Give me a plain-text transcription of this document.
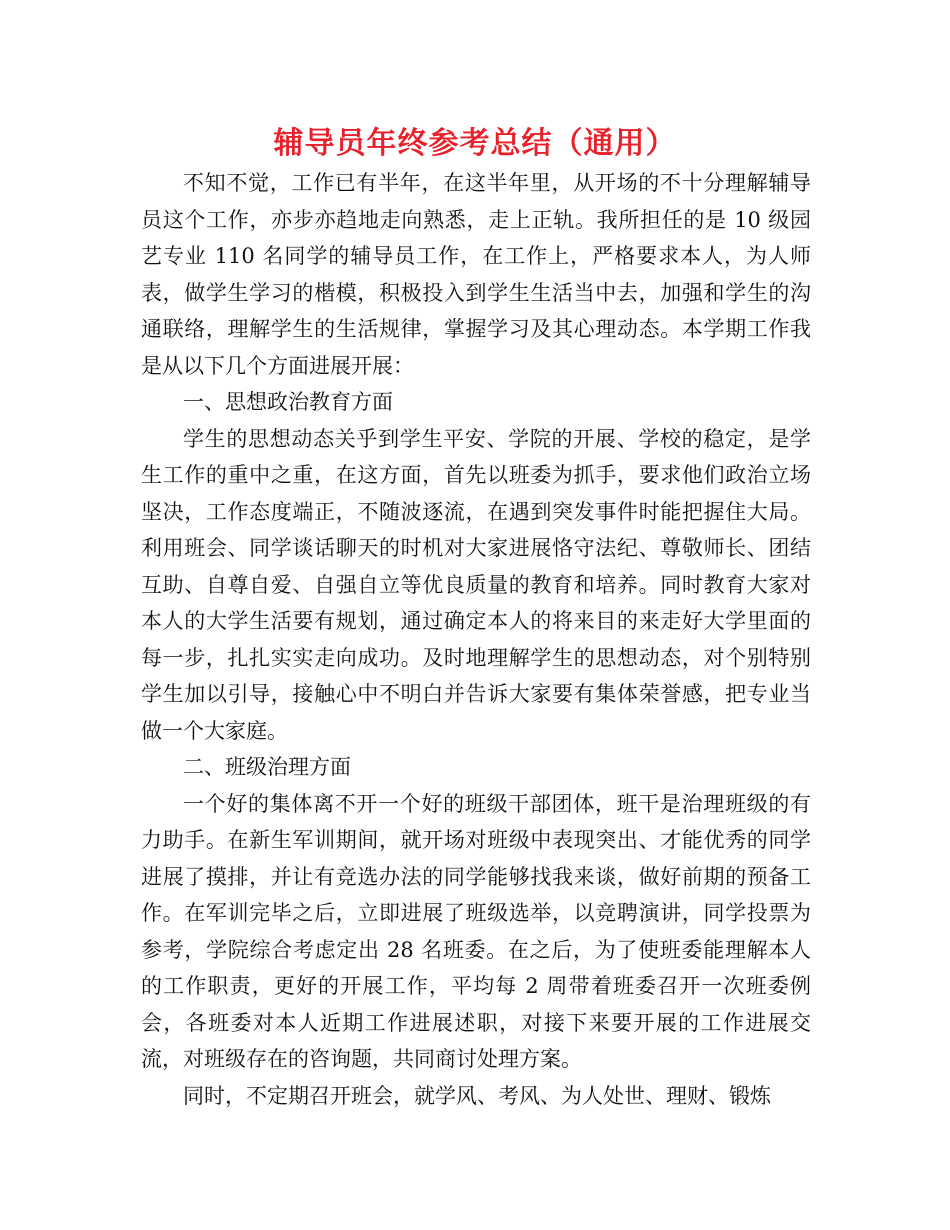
辅导员年终参考总结（通用）

不知不觉，工作已有半年，在这半年里，从开场的不十分理解辅导员这个工作，亦步亦趋地走向熟悉，走上正轨。我所担任的是 10 级园艺专业 110 名同学的辅导员工作，在工作上，严格要求本人，为人师表，做学生学习的楷模，积极投入到学生生活当中去，加强和学生的沟通联络，理解学生的生活规律，掌握学习及其心理动态。本学期工作我是从以下几个方面进展开展：

一、思想政治教育方面

学生的思想动态关乎到学生平安、学院的开展、学校的稳定，是学生工作的重中之重，在这方面，首先以班委为抓手，要求他们政治立场坚决，工作态度端正，不随波逐流，在遇到突发事件时能把握住大局。利用班会、同学谈话聊天的时机对大家进展恪守法纪、尊敬师长、团结互助、自尊自爱、自强自立等优良质量的教育和培养。同时教育大家对本人的大学生活要有规划，通过确定本人的将来目的来走好大学里面的每一步，扎扎实实走向成功。及时地理解学生的思想动态，对个别特别学生加以引导，接触心中不明白并告诉大家要有集体荣誉感，把专业当做一个大家庭。

二、班级治理方面

一个好的集体离不开一个好的班级干部团体，班干是治理班级的有力助手。在新生军训期间，就开场对班级中表现突出、才能优秀的同学进展了摸排，并让有竞选办法的同学能够找我来谈，做好前期的预备工作。在军训完毕之后，立即进展了班级选举，以竞聘演讲，同学投票为参考，学院综合考虑定出 28 名班委。在之后，为了使班委能理解本人的工作职责，更好的开展工作，平均每 2 周带着班委召开一次班委例会，各班委对本人近期工作进展述职，对接下来要开展的工作进展交流，对班级存在的咨询题，共同商讨处理方案。

同时，不定期召开班会，就学风、考风、为人处世、理财、锻炼
